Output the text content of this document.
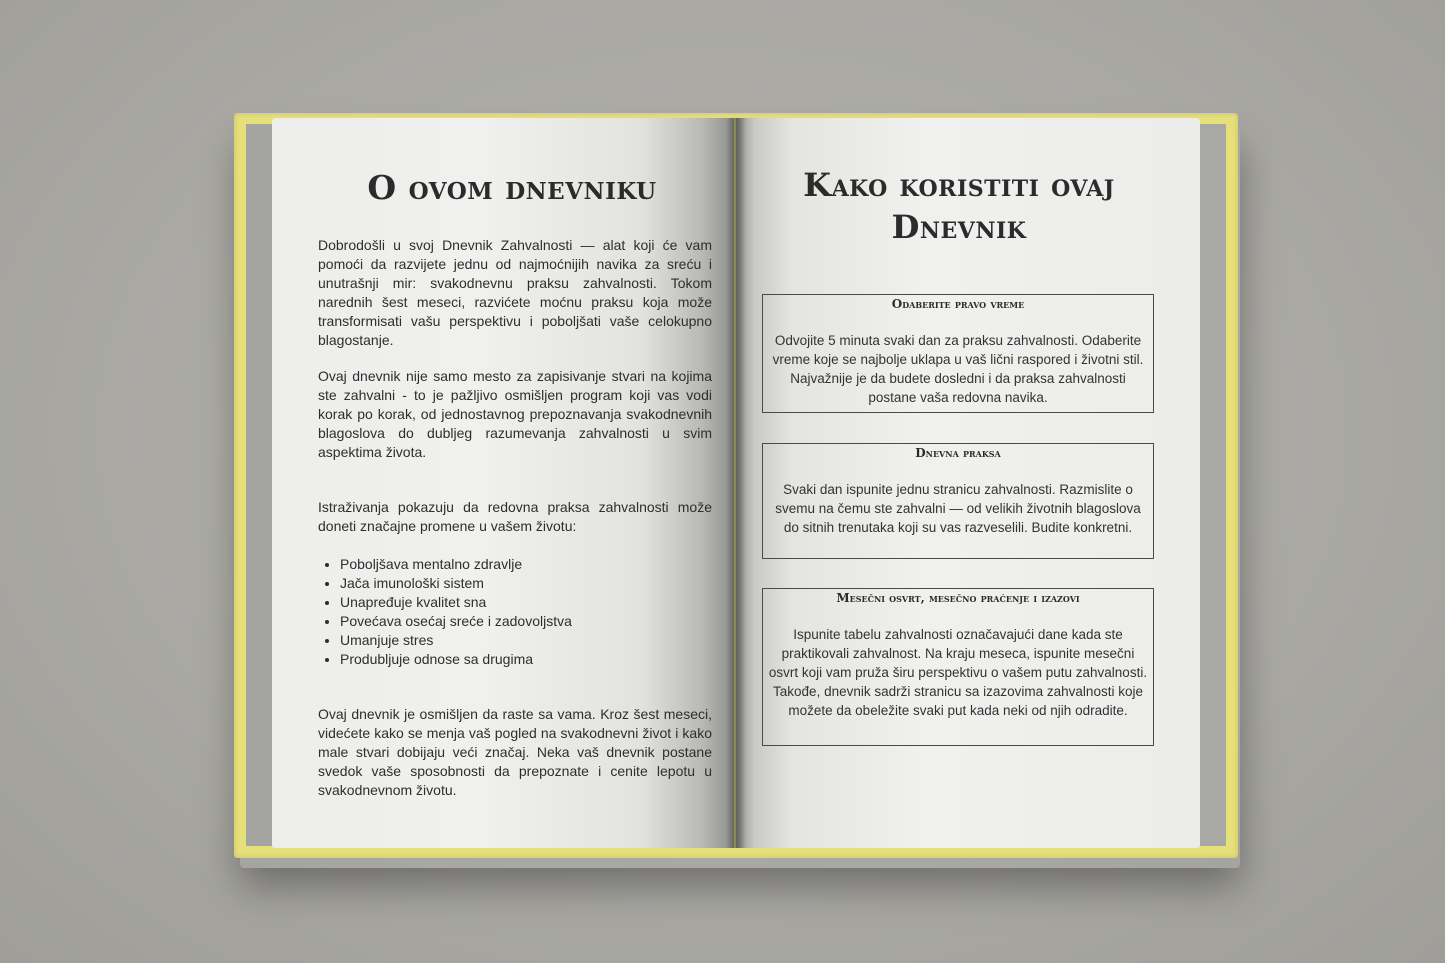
O ovom dnevniku

Dobrodošli u svoj Dnevnik Zahvalnosti — alat koji će vam pomoći da razvijete jednu od najmoćnijih navika za sreću i unutrašnji mir: svakodnevnu praksu zahvalnosti. Tokom narednih šest meseci, razvićete moćnu praksu koja može transformisati vašu perspektivu i poboljšati vaše celokupno blagostanje.

Ovaj dnevnik nije samo mesto za zapisivanje stvari na kojima ste zahvalni - to je pažljivo osmišljen program koji vas vodi korak po korak, od jednostavnog prepoznavanja svakodnevnih blagoslova do dubljeg razumevanja zahvalnosti u svim aspektima života.

Istraživanja pokazuju da redovna praksa zahvalnosti može doneti značajne promene u vašem životu:

• Poboljšava mentalno zdravlje
• Jača imunološki sistem
• Unapređuje kvalitet sna
• Povećava osećaj sreće i zadovoljstva
• Umanjuje stres
• Produbljuje odnose sa drugima

Ovaj dnevnik je osmišljen da raste sa vama. Kroz šest meseci, videćete kako se menja vaš pogled na svakodnevni život i kako male stvari dobijaju veći značaj. Neka vaš dnevnik postane svedok vaše sposobnosti da prepoznate i cenite lepotu u svakodnevnom životu.

Kako koristiti ovaj
Dnevnik
Odaberite pravo vreme

Odvojite 5 minuta svaki dan za praksu zahvalnosti. Odaberite vreme koje se najbolje uklapa u vaš lični raspored i životni stil. Najvažnije je da budete dosledni i da praksa zahvalnosti postane vaša redovna navika.

Dnevna praksa

Svaki dan ispunite jednu stranicu zahvalnosti. Razmislite o svemu na čemu ste zahvalni — od velikih životnih blagoslova do sitnih trenutaka koji su vas razveselili. Budite konkretni.

Mesečni osvrt, mesečno praćenje i izazovi

Ispunite tabelu zahvalnosti označavajući dane kada ste praktikovali zahvalnost. Na kraju meseca, ispunite mesečni osvrt koji vam pruža širu perspektivu o vašem putu zahvalnosti. Takođe, dnevnik sadrži stranicu sa izazovima zahvalnosti koje možete da obeležite svaki put kada neki od njih odradite.
